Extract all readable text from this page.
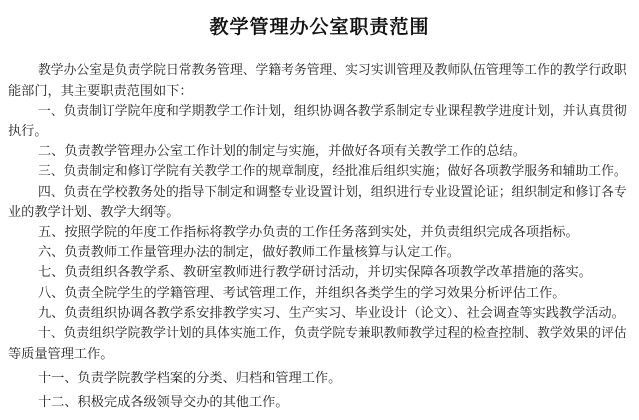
教学管理办公室职责范围
教学办公室是负责学院日常教务管理、学籍考务管理、实习实训管理及教师队伍管理等工作的教学行政职
能部门，其主要职责范围如下：
一、负责制订学院年度和学期教学工作计划，组织协调各教学系制定专业课程教学进度计划，并认真贯彻
执行。
二、负责教学管理办公室工作计划的制定与实施，并做好各项有关教学工作的总结。
三、负责制定和修订学院有关教学工作的规章制度，经批准后组织实施；做好各项教学服务和辅助工作。
四、负责在学校教务处的指导下制定和调整专业设置计划，组织进行专业设置论证；组织制定和修订各专
业的教学计划、教学大纲等。
五、按照学院的年度工作指标将教学办负责的工作任务落到实处，并负责组织完成各项指标。
六、负责教师工作量管理办法的制定，做好教师工作量核算与认定工作。
七、负责组织各教学系、教研室教师进行教学研讨活动，并切实保障各项教学改革措施的落实。
八、负责全院学生的学籍管理、考试管理工作，并组织各类学生的学习效果分析评估工作。
九、负责组织协调各教学系安排教学实习、生产实习、毕业设计（论文）、社会调查等实践教学活动。
十、负责组织学院教学计划的具体实施工作，负责学院专兼职教师教学过程的检查控制、教学效果的评估
等质量管理工作。
十一、负责学院教学档案的分类、归档和管理工作。
十二、积极完成各级领导交办的其他工作。
